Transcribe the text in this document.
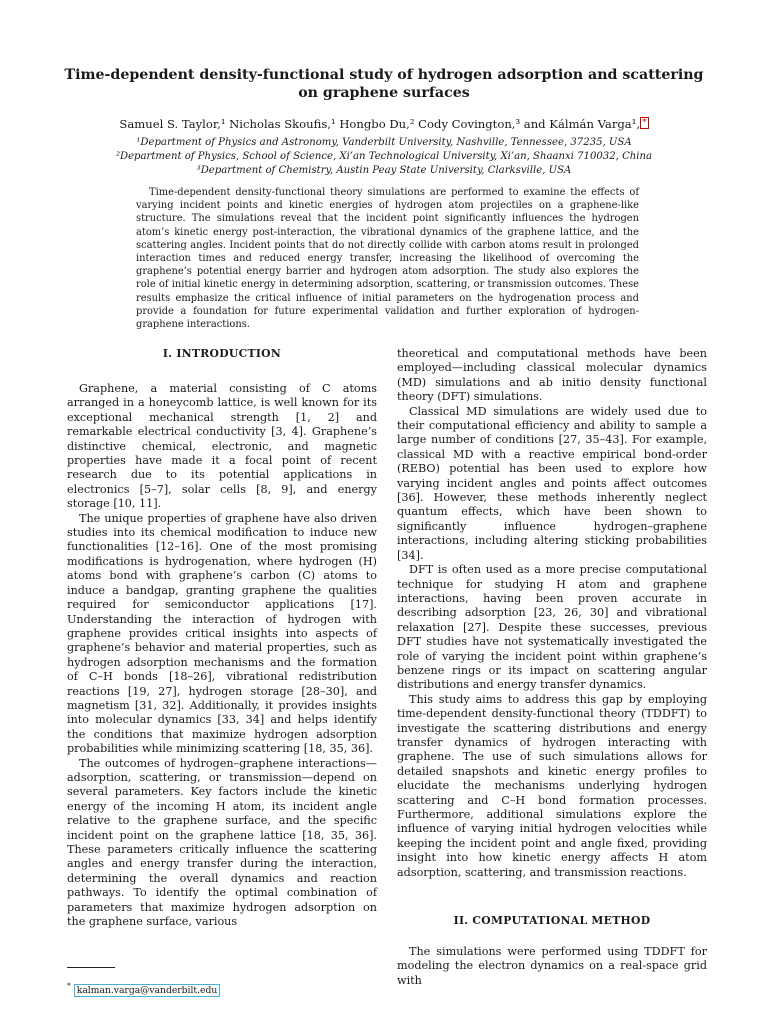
Time-dependent density-functional study of hydrogen adsorption and scattering on graphene surfaces
Samuel S. Taylor,¹ Nicholas Skoufis,¹ Hongbo Du,² Cody Covington,³ and Kálmán Varga¹, *
¹Department of Physics and Astronomy, Vanderbilt University, Nashville, Tennessee, 37235, USA
²Department of Physics, School of Science, Xi’an Technological University, Xi’an, Shaanxi 710032, China
³Department of Chemistry, Austin Peay State University, Clarksville, USA
Time-dependent density-functional theory simulations are performed to examine the effects of varying incident points and kinetic energies of hydrogen atom projectiles on a graphene-like structure. The simulations reveal that the incident point significantly influences the hydrogen atom’s kinetic energy post-interaction, the vibrational dynamics of the graphene lattice, and the scattering angles. Incident points that do not directly collide with carbon atoms result in prolonged interaction times and reduced energy transfer, increasing the likelihood of overcoming the graphene’s potential energy barrier and hydrogen atom adsorption. The study also explores the role of initial kinetic energy in determining adsorption, scattering, or transmission outcomes. These results emphasize the critical influence of initial parameters on the hydrogenation process and provide a foundation for future experimental validation and further exploration of hydrogen-graphene interactions.
I. INTRODUCTION

Graphene, a material consisting of C atoms arranged in a honeycomb lattice, is well known for its exceptional mechanical strength [1, 2] and remarkable electrical conductivity [3, 4]. Graphene’s distinctive chemical, electronic, and magnetic properties have made it a focal point of recent research due to its potential applications in electronics [5–7], solar cells [8, 9], and energy storage [10, 11].

The unique properties of graphene have also driven studies into its chemical modification to induce new functionalities [12–16]. One of the most promising modifications is hydrogenation, where hydrogen (H) atoms bond with graphene’s carbon (C) atoms to induce a bandgap, granting graphene the qualities required for semiconductor applications [17]. Understanding the interaction of hydrogen with graphene provides critical insights into aspects of graphene’s behavior and material properties, such as hydrogen adsorption mechanisms and the formation of C–H bonds [18–26], vibrational redistribution reactions [19, 27], hydrogen storage [28–30], and magnetism [31, 32]. Additionally, it provides insights into molecular dynamics [33, 34] and helps identify the conditions that maximize hydrogen adsorption probabilities while minimizing scattering [18, 35, 36].

The outcomes of hydrogen–graphene interactions—adsorption, scattering, or transmission—depend on several parameters. Key factors include the kinetic energy of the incoming H atom, its incident angle relative to the graphene surface, and the specific incident point on the graphene lattice [18, 35, 36]. These parameters critically influence the scattering angles and energy transfer during the interaction, determining the overall dynamics and reaction pathways. To identify the optimal combination of parameters that maximize hydrogen adsorption on the graphene surface, various

* kalman.varga@vanderbilt.edu

theoretical and computational methods have been employed—including classical molecular dynamics (MD) simulations and ab initio density functional theory (DFT) simulations.

Classical MD simulations are widely used due to their computational efficiency and ability to sample a large number of conditions [27, 35–43]. For example, classical MD with a reactive empirical bond-order (REBO) potential has been used to explore how varying incident angles and points affect outcomes [36]. However, these methods inherently neglect quantum effects, which have been shown to significantly influence hydrogen–graphene interactions, including altering sticking probabilities [34].

DFT is often used as a more precise computational technique for studying H atom and graphene interactions, having been proven accurate in describing adsorption [23, 26, 30] and vibrational relaxation [27]. Despite these successes, previous DFT studies have not systematically investigated the role of varying the incident point within graphene’s benzene rings or its impact on scattering angular distributions and energy transfer dynamics.

This study aims to address this gap by employing time-dependent density-functional theory (TDDFT) to investigate the scattering distributions and energy transfer dynamics of hydrogen interacting with graphene. The use of such simulations allows for detailed snapshots and kinetic energy profiles to elucidate the mechanisms underlying hydrogen scattering and C–H bond formation processes. Furthermore, additional simulations explore the influence of varying initial hydrogen velocities while keeping the incident point and angle fixed, providing insight into how kinetic energy affects H atom adsorption, scattering, and transmission reactions.

II. COMPUTATIONAL METHOD

The simulations were performed using TDDFT for modeling the electron dynamics on a real-space grid with
